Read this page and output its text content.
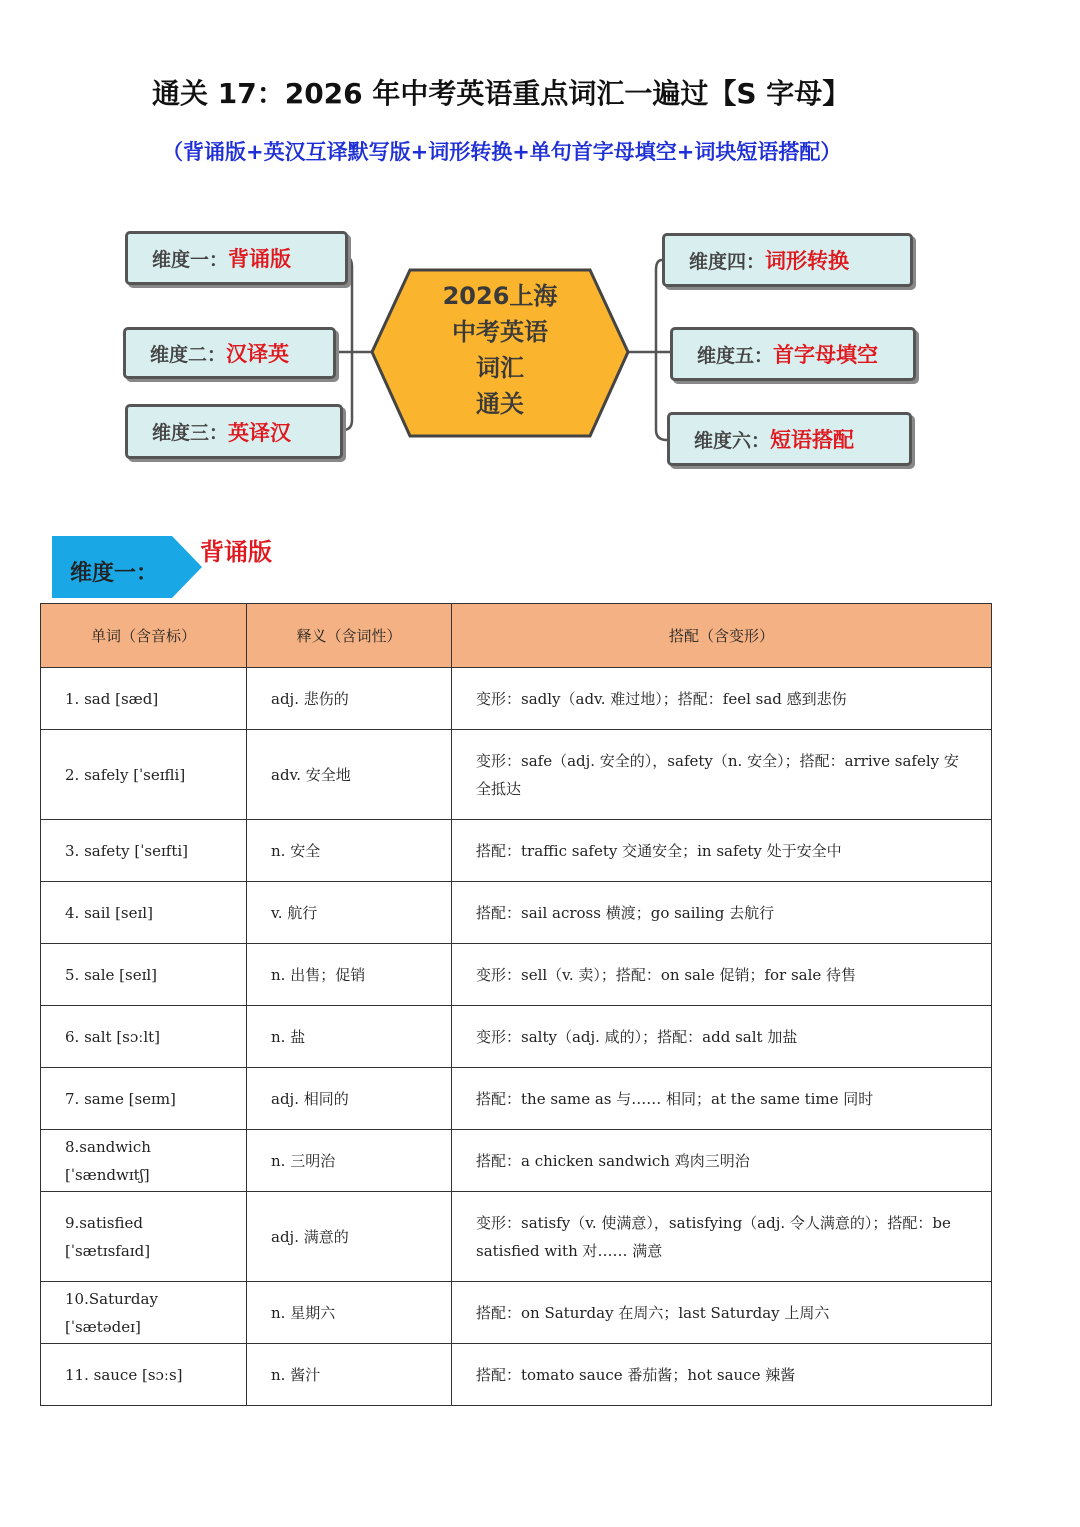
通关 17：2026 年中考英语重点词汇一遍过【S 字母】
（背诵版+英汉互译默写版+词形转换+单句首字母填空+词块短语搭配）
2026上海
中考英语
词汇
通关
维度一： 背诵版
维度二： 汉译英
维度三： 英译汉
维度四： 词形转换
维度五： 首字母填空
维度六： 短语搭配
维度一：
背诵版
单词（含音标）	释义（含词性）	搭配（含变形）
1. sad [sæd]	adj. 悲伤的	变形：sadly（adv. 难过地）；搭配：feel sad 感到悲伤
2. safely [ˈseɪfli]	adv. 安全地	变形：safe（adj. 安全的），safety（n. 安全）；搭配：arrive safely 安全抵达
3. safety [ˈseɪfti]	n. 安全	搭配：traffic safety 交通安全；in safety 处于安全中
4. sail [seɪl]	v. 航行	搭配：sail across 横渡；go sailing 去航行
5. sale [seɪl]	n. 出售；促销	变形：sell（v. 卖）；搭配：on sale 促销；for sale 待售
6. salt [sɔːlt]	n. 盐	变形：salty（adj. 咸的）；搭配：add salt 加盐
7. same [seɪm]	adj. 相同的	搭配：the same as 与…… 相同；at the same time 同时
8.sandwich [ˈsændwɪtʃ]	n. 三明治	搭配：a chicken sandwich 鸡肉三明治
9.satisfied [ˈsætɪsfaɪd]	adj. 满意的	变形：satisfy（v. 使满意），satisfying（adj. 令人满意的）；搭配：be satisfied with 对…… 满意
10.Saturday [ˈsætədeɪ]	n. 星期六	搭配：on Saturday 在周六；last Saturday 上周六
11. sauce [sɔːs]	n. 酱汁	搭配：tomato sauce 番茄酱；hot sauce 辣酱
